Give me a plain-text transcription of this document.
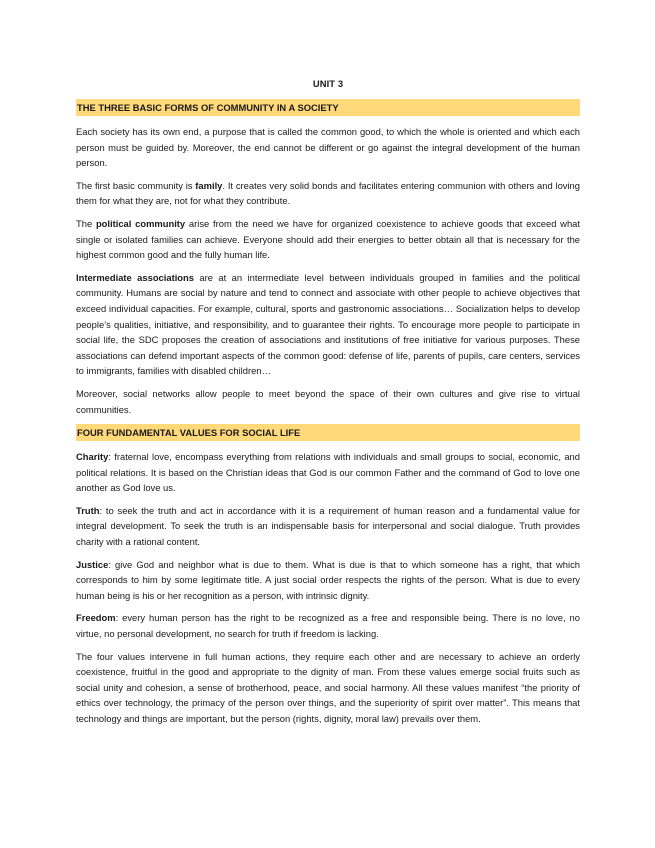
UNIT 3
THE THREE BASIC FORMS OF COMMUNITY IN A SOCIETY

Each society has its own end, a purpose that is called the common good, to which the whole is oriented and which each person must be guided by. Moreover, the end cannot be different or go against the integral development of the human person.

The first basic community is family. It creates very solid bonds and facilitates entering communion with others and loving them for what they are, not for what they contribute.

The political community arise from the need we have for organized coexistence to achieve goods that exceed what single or isolated families can achieve. Everyone should add their energies to better obtain all that is necessary for the highest common good and the fully human life.

Intermediate associations are at an intermediate level between individuals grouped in families and the political community. Humans are social by nature and tend to connect and associate with other people to achieve objectives that exceed individual capacities. For example, cultural, sports and gastronomic associations… Socialization helps to develop people’s qualities, initiative, and responsibility, and to guarantee their rights. To encourage more people to participate in social life, the SDC proposes the creation of associations and institutions of free initiative for various purposes. These associations can defend important aspects of the common good: defense of life, parents of pupils, care centers, services to immigrants, families with disabled children…

Moreover, social networks allow people to meet beyond the space of their own cultures and give rise to virtual communities.

FOUR FUNDAMENTAL VALUES FOR SOCIAL LIFE

Charity: fraternal love, encompass everything from relations with individuals and small groups to social, economic, and political relations. It is based on the Christian ideas that God is our common Father and the command of God to love one another as God love us.

Truth: to seek the truth and act in accordance with it is a requirement of human reason and a fundamental value for integral development. To seek the truth is an indispensable basis for interpersonal and social dialogue. Truth provides charity with a rational content.

Justice: give God and neighbor what is due to them. What is due is that to which someone has a right, that which corresponds to him by some legitimate title. A just social order respects the rights of the person. What is due to every human being is his or her recognition as a person, with intrinsic dignity.

Freedom: every human person has the right to be recognized as a free and responsible being. There is no love, no virtue, no personal development, no search for truth if freedom is lacking.

The four values intervene in full human actions, they require each other and are necessary to achieve an orderly coexistence, fruitful in the good and appropriate to the dignity of man. From these values emerge social fruits such as social unity and cohesion, a sense of brotherhood, peace, and social harmony. All these values manifest “the priority of ethics over technology, the primacy of the person over things, and the superiority of spirit over matter”. This means that technology and things are important, but the person (rights, dignity, moral law) prevails over them.
